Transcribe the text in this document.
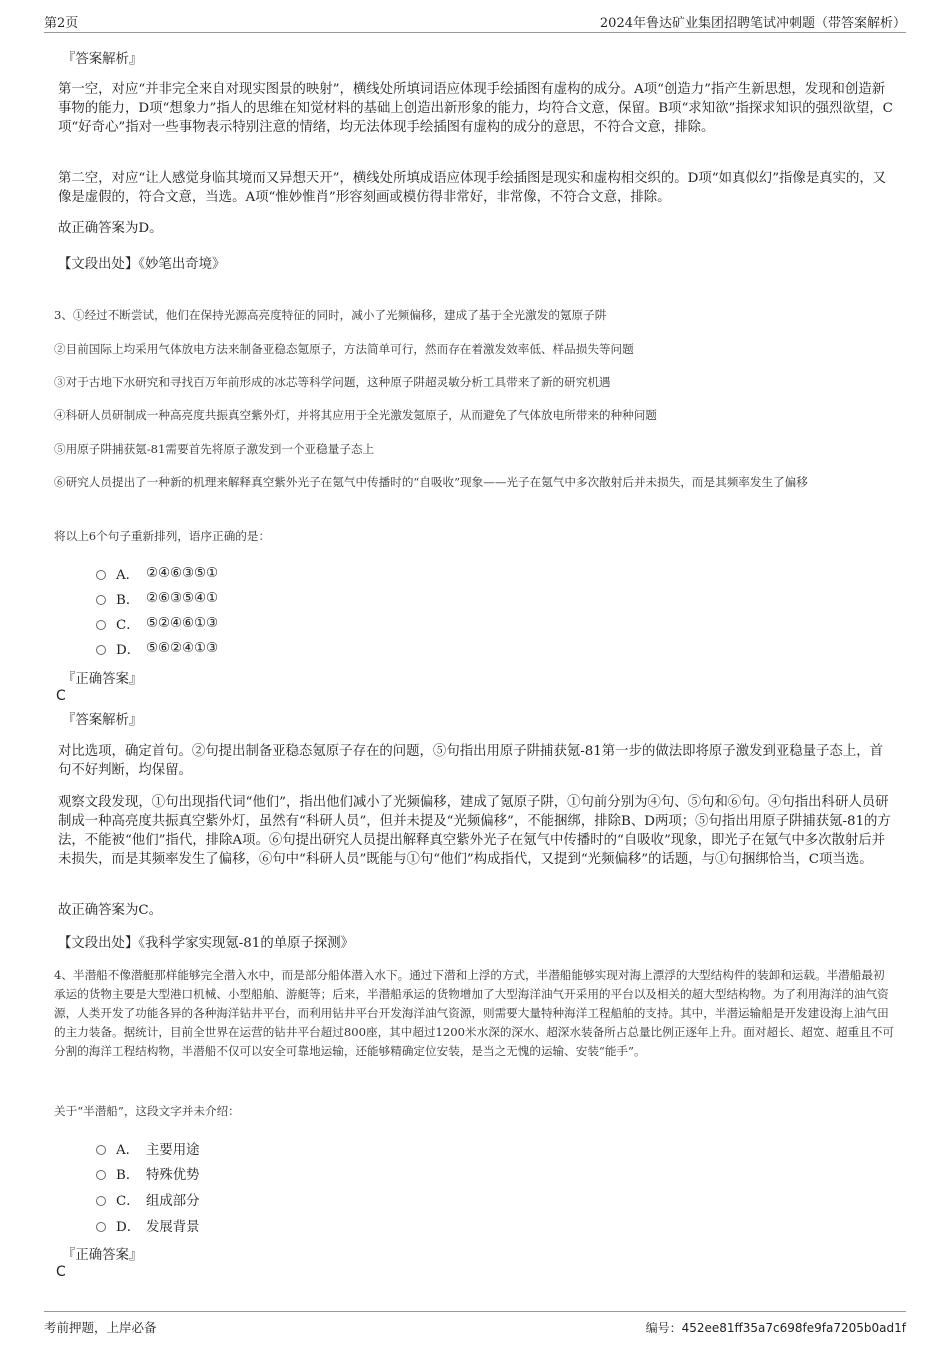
第2页	2024年鲁达矿业集团招聘笔试冲刺题（带答案解析）
『答案解析』

第一空，对应“并非完全来自对现实图景的映射”，横线处所填词语应体现手绘插图有虚构的成分。A项“创造力”指产生新思想，发现和创造新事物的能力，D项“想象力”指人的思维在知觉材料的基础上创造出新形象的能力，均符合文意，保留。B项“求知欲”指探求知识的强烈欲望，C项“好奇心”指对一些事物表示特别注意的情绪，均无法体现手绘插图有虚构的成分的意思，不符合文意，排除。

第二空，对应“让人感觉身临其境而又异想天开”，横线处所填成语应体现手绘插图是现实和虚构相交织的。D项“如真似幻”指像是真实的，又像是虚假的，符合文意，当选。A项“惟妙惟肖”形容刻画或模仿得非常好，非常像，不符合文意，排除。

故正确答案为D。

【文段出处】《妙笔出奇境》

3、①经过不断尝试，他们在保持光源高亮度特征的同时，减小了光频偏移，建成了基于全光激发的氪原子阱

②目前国际上均采用气体放电方法来制备亚稳态氪原子，方法简单可行，然而存在着激发效率低、样品损失等问题

③对于古地下水研究和寻找百万年前形成的冰芯等科学问题，这种原子阱超灵敏分析工具带来了新的研究机遇

④科研人员研制成一种高亮度共振真空紫外灯，并将其应用于全光激发氪原子，从而避免了气体放电所带来的种种问题

⑤用原子阱捕获氪-81需要首先将原子激发到一个亚稳量子态上

⑥研究人员提出了一种新的机理来解释真空紫外光子在氪气中传播时的“自吸收”现象——光子在氪气中多次散射后并未损失，而是其频率发生了偏移

将以上6个句子重新排列，语序正确的是：

A． ②④⑥③⑤①
B． ②⑥③⑤④①
C． ⑤②④⑥①③
D． ⑤⑥②④①③
『正确答案』
C
『答案解析』

对比选项，确定首句。②句提出制备亚稳态氪原子存在的问题，⑤句指出用原子阱捕获氪-81第一步的做法即将原子激发到亚稳量子态上，首句不好判断，均保留。

观察文段发现，①句出现指代词“他们”，指出他们减小了光频偏移，建成了氪原子阱，①句前分别为④句、⑤句和⑥句。④句指出科研人员研制成一种高亮度共振真空紫外灯，虽然有“科研人员”，但并未提及“光频偏移”，不能捆绑，排除B、D两项；⑤句指出用原子阱捕获氪-81的方法，不能被“他们”指代，排除A项。⑥句提出研究人员提出解释真空紫外光子在氪气中传播时的“自吸收”现象，即光子在氪气中多次散射后并未损失，而是其频率发生了偏移，⑥句中“科研人员”既能与①句“他们”构成指代，又提到“光频偏移”的话题，与①句捆绑恰当，C项当选。

故正确答案为C。

【文段出处】《我科学家实现氪-81的单原子探测》

4、半潜船不像潜艇那样能够完全潜入水中，而是部分船体潜入水下。通过下潜和上浮的方式，半潜船能够实现对海上漂浮的大型结构件的装卸和运载。半潜船最初承运的货物主要是大型港口机械、小型船舶、游艇等；后来，半潜船承运的货物增加了大型海洋油气开采用的平台以及相关的超大型结构物。为了利用海洋的油气资源，人类开发了功能各异的各种海洋钻井平台，而利用钻井平台开发海洋油气资源，则需要大量特种海洋工程船舶的支持。其中，半潜运输船是开发建设海上油气田的主力装备。据统计，目前全世界在运营的钻井平台超过800座，其中超过1200米水深的深水、超深水装备所占总量比例正逐年上升。面对超长、超宽、超重且不可分割的海洋工程结构物，半潜船不仅可以安全可靠地运输，还能够精确定位安装，是当之无愧的运输、安装“能手”。

关于“半潜船”，这段文字并未介绍：

A． 主要用途
B． 特殊优势
C． 组成部分
D． 发展背景
『正确答案』
C
考前押题，上岸必备	编号：452ee81ff35a7c698fe9fa7205b0ad1f
